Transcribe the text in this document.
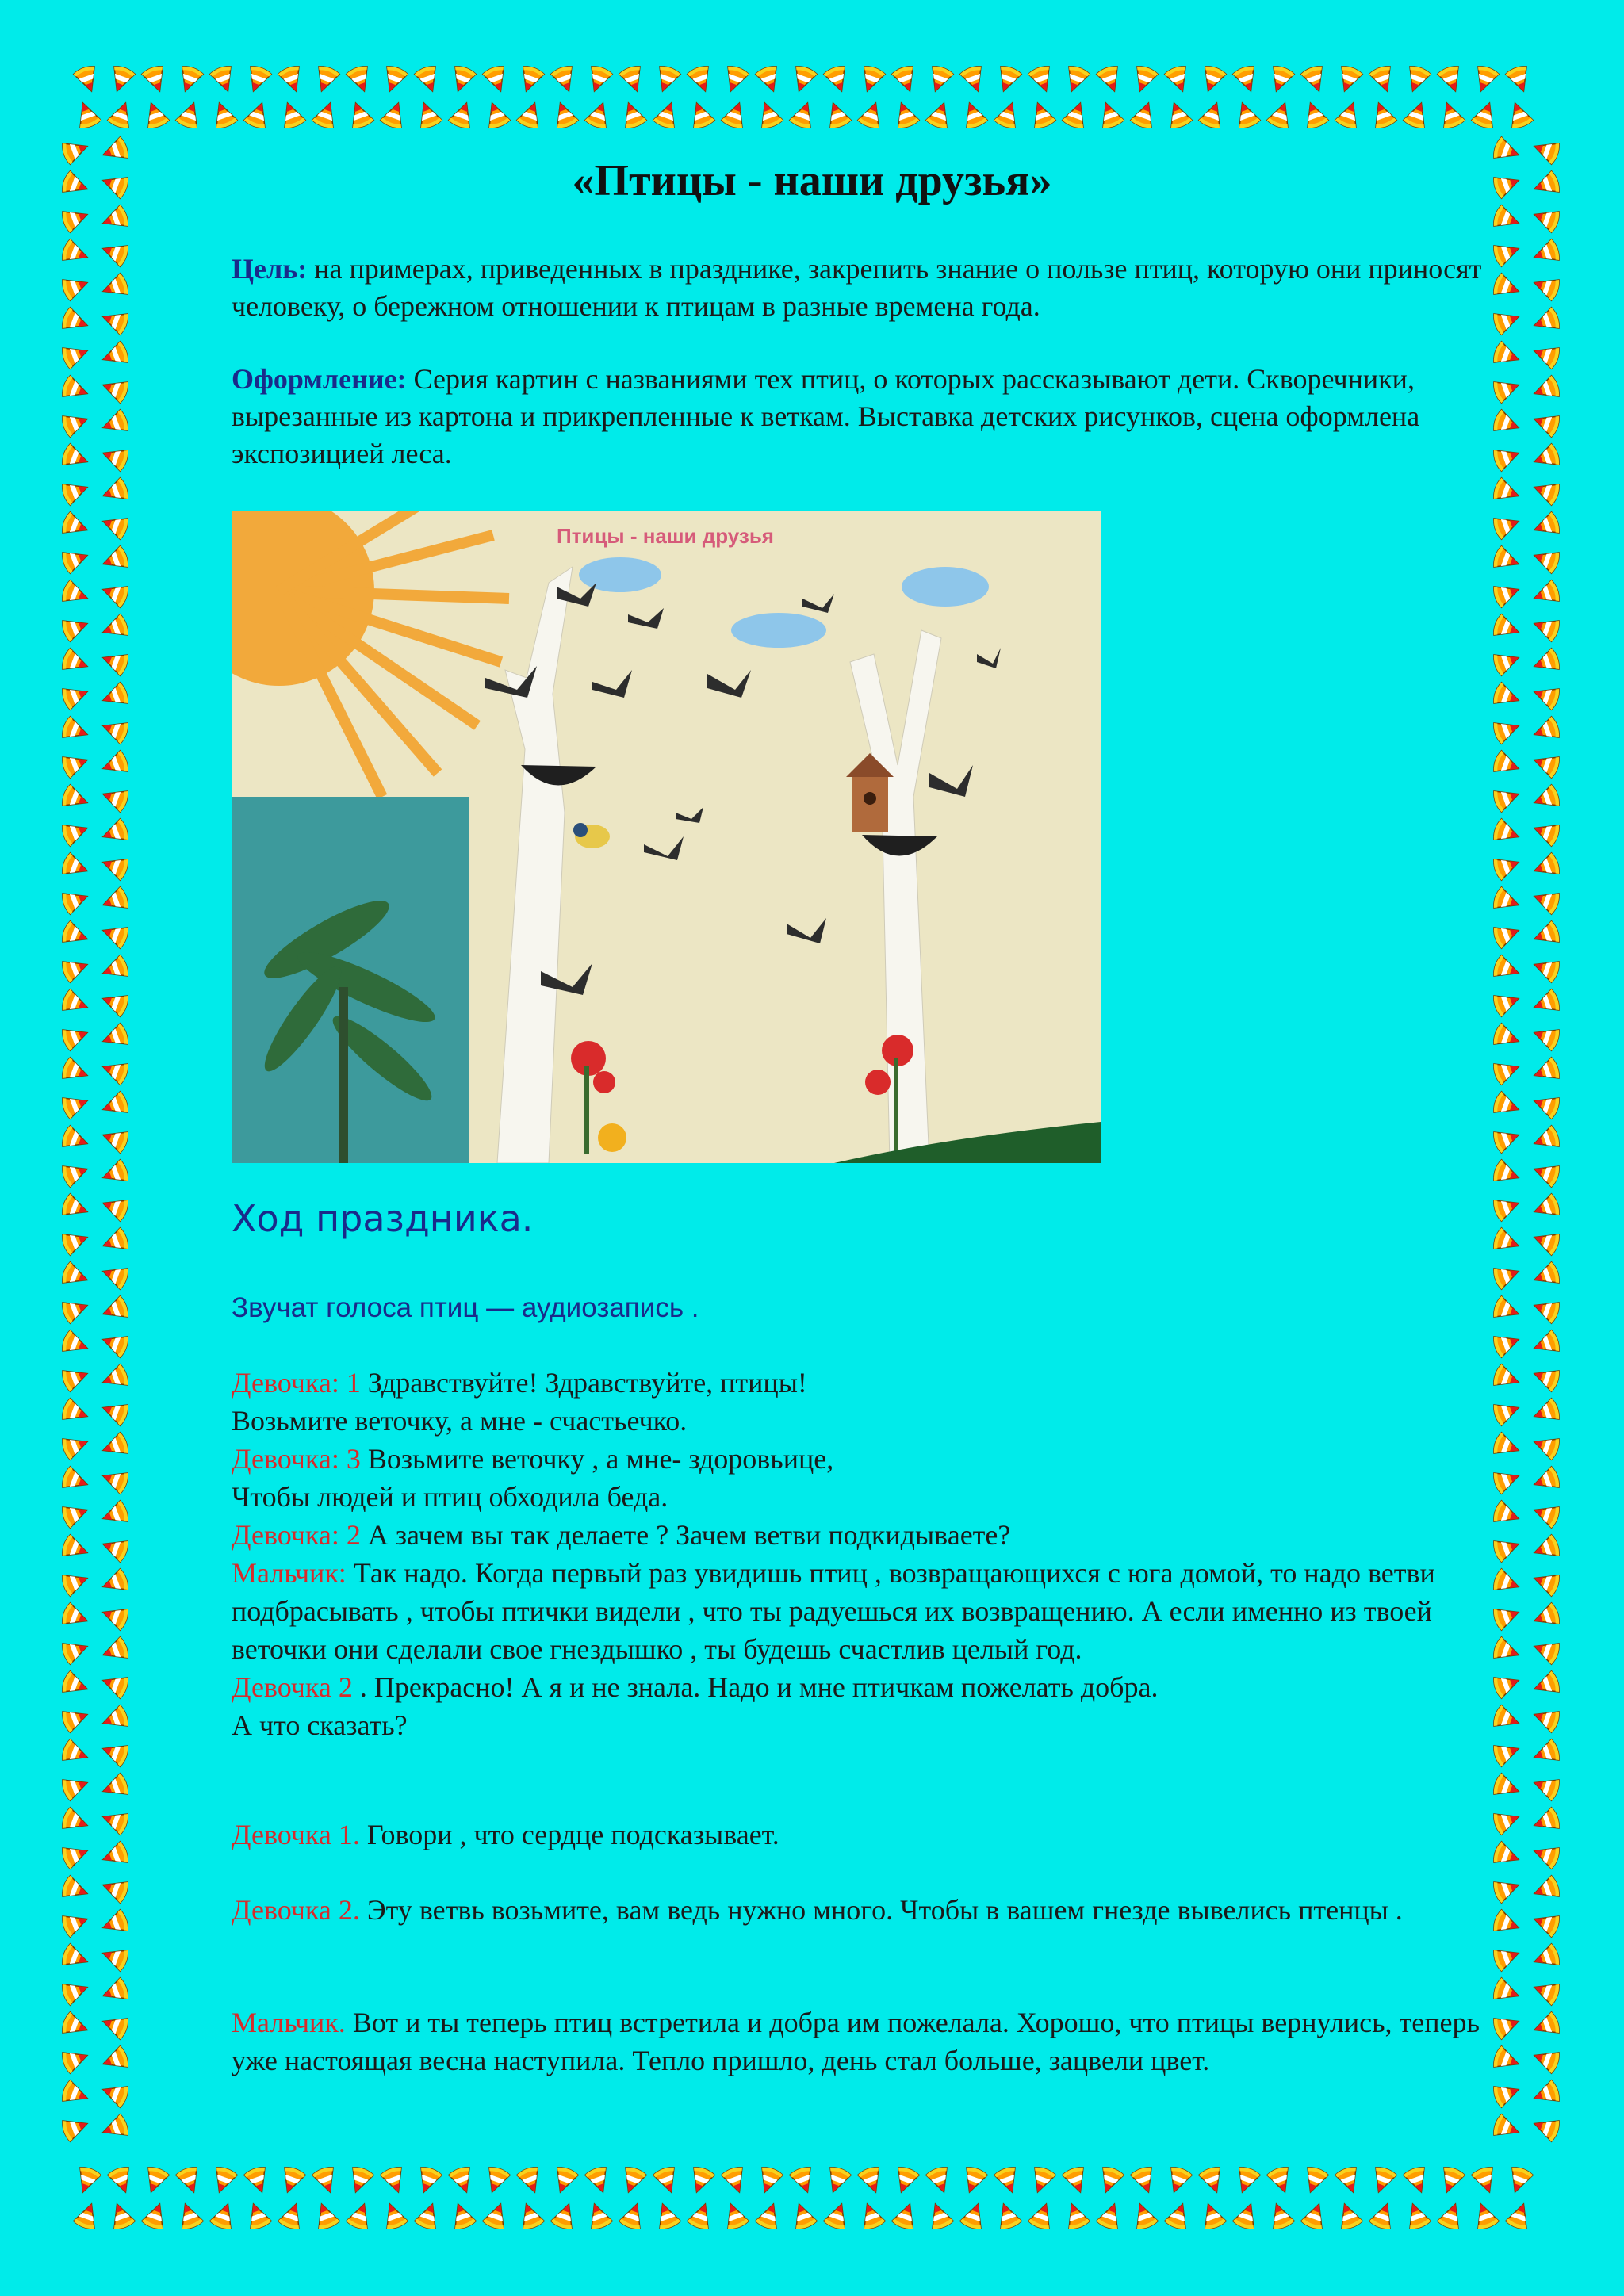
«Птицы - наши друзья»
Цель: на примерах, приведенных в празднике, закрепить знание о пользе птиц, которую они приносят человеку, о бережном отношении к птицам в разные времена года.
Оформление: Серия картин с названиями тех птиц, о которых рассказывают дети. Скворечники, вырезанные из картона и прикрепленные к веткам. Выставка детских рисунков, сцена оформлена экспозицией леса.
Птицы - наши друзья
Ход праздника.
Звучат голоса птиц — аудиозапись .

Девочка: 1 Здравствуйте! Здравствуйте, птицы!

Возьмите веточку, а мне - счастьечко.

Девочка: 3 Возьмите веточку , а мне- здоровьице,

Чтобы людей и птиц обходила беда.

Девочка: 2 А зачем вы так делаете ? Зачем ветви подкидываете?

Мальчик: Так надо. Когда первый раз увидишь птиц , возвращающихся с юга домой, то надо ветви подбрасывать , чтобы птички видели , что ты радуешься их возвращению. А если именно из твоей веточки они сделали свое гнездышко , ты будешь счастлив целый год.

Девочка 2 . Прекрасно! А я и не знала. Надо и мне птичкам пожелать добра.

А что сказать?

Девочка 1. Говори , что сердце подсказывает.

Девочка 2. Эту ветвь возьмите, вам ведь нужно много. Чтобы в вашем гнезде вывелись птенцы .

Мальчик. Вот и ты теперь птиц встретила и добра им пожелала. Хорошо, что птицы вернулись, теперь уже настоящая весна наступила. Тепло пришло, день стал больше, зацвели цвет.
